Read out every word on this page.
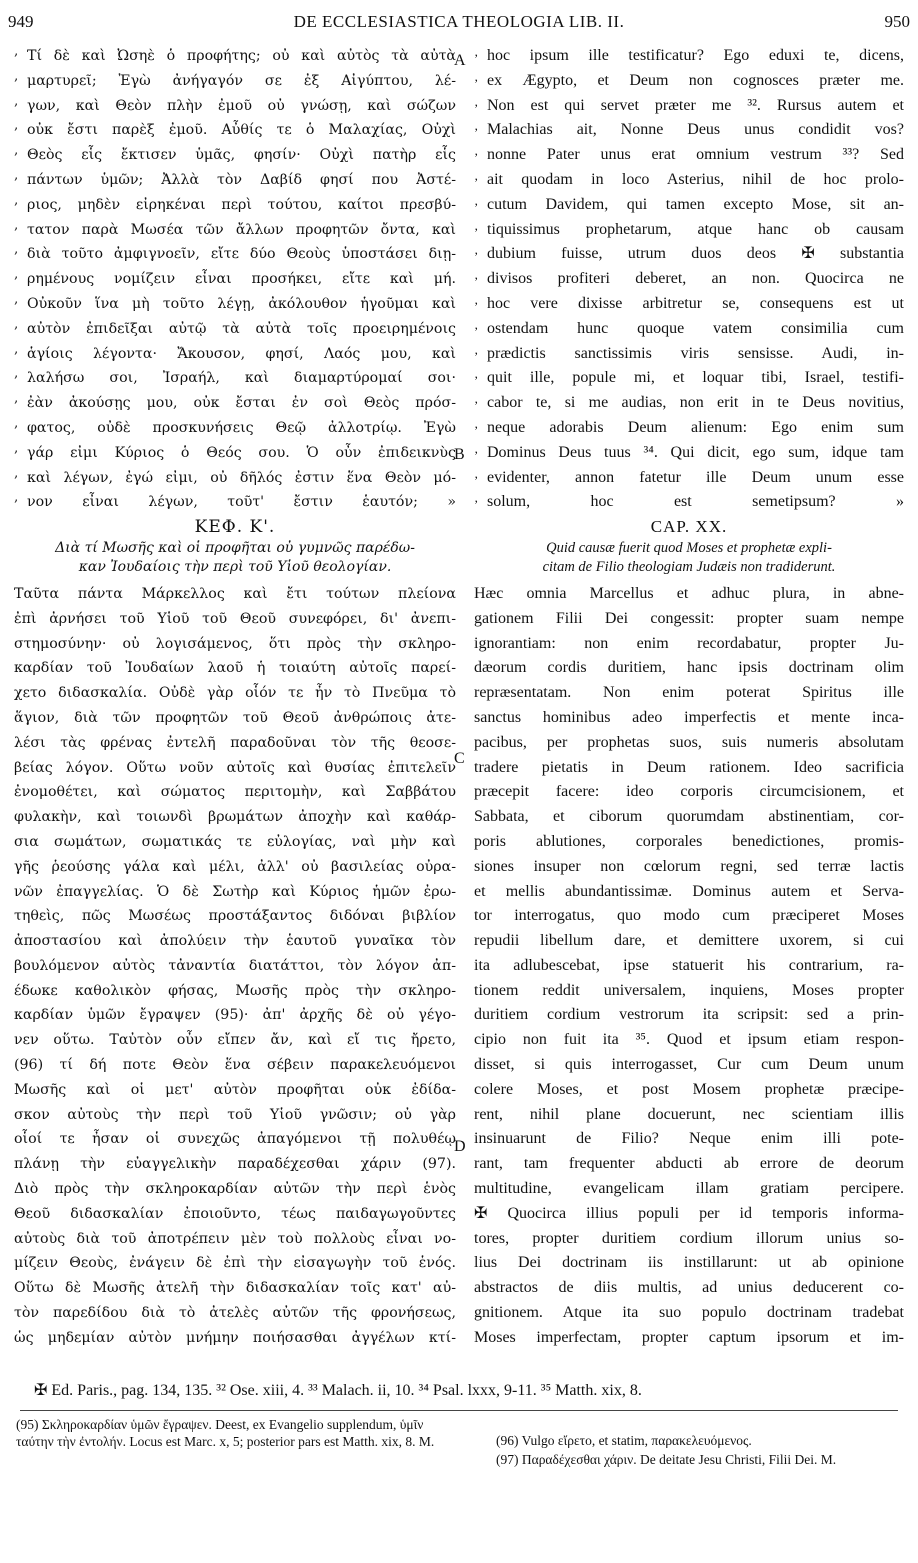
949	DE ECCLESIASTICA THEOLOGIA LIB. II.	950
‚ Τί δὲ καὶ Ὠσηὲ ὁ προφήτης; οὐ καὶ αὐτὸς τὰ αὐτὰ
‚ μαρτυρεῖ; Ἐγὼ ἀνήγαγόν σε ἐξ Αἰγύπτου, λέ-
‚ γων, καὶ Θεὸν πλὴν ἐμοῦ οὐ γνώσῃ, καὶ σώζων
‚ οὐκ ἔστι παρὲξ ἐμοῦ. Αὖθίς τε ὁ Μαλαχίας, Οὐχὶ
‚ Θεὸς εἷς ἔκτισεν ὑμᾶς, φησίν· Οὐχὶ πατὴρ εἷς
‚ πάντων ὑμῶν; Ἀλλὰ τὸν Δαβίδ φησί που Ἀστέ-
‚ ριος, μηδὲν εἰρηκέναι περὶ τούτου, καίτοι πρεσβύ-
‚ τατον παρὰ Μωσέα τῶν ἄλλων προφητῶν ὄντα, καὶ
‚ διὰ τοῦτο ἀμφιγνοεῖν, εἴτε δύο Θεοὺς ὑποστάσει διῃ-
‚ ρημένους νομίζειν εἶναι προσήκει, εἴτε καὶ μή.
‚ Οὐκοῦν ἵνα μὴ τοῦτο λέγῃ, ἀκόλουθον ἡγοῦμαι καὶ
‚ αὐτὸν ἐπιδεῖξαι αὐτῷ τὰ αὐτὰ τοῖς προειρημένοις
‚ ἁγίοις λέγοντα· Ἄκουσον, φησί, Λαός μου, καὶ
‚ λαλήσω σοι, Ἰσραήλ, καὶ διαμαρτύρομαί σοι·
‚ ἐὰν ἀκούσῃς μου, οὐκ ἔσται ἐν σοὶ Θεὸς πρόσ-
‚ φατος, οὐδὲ προσκυνήσεις Θεῷ ἀλλοτρίῳ. Ἐγὼ
‚ γάρ εἰμι Κύριος ὁ Θεός σου. Ὁ οὖν ἐπιδεικνὺς
‚ καὶ λέγων, ἐγώ εἰμι, οὐ δῆλός ἐστιν ἕνα Θεὸν μό-
‚ νον εἶναι λέγων, τοῦτ' ἔστιν ἑαυτόν; »
ΚΕΦ. Κ'.
Διὰ τί Μωσῆς καὶ οἱ προφῆται οὐ γυμνῶς παρέδω-
καν Ἰουδαίοις τὴν περὶ τοῦ Υἱοῦ θεολογίαν.
Ταῦτα πάντα Μάρκελλος καὶ ἔτι τούτων πλείονα
ἐπὶ ἀρνήσει τοῦ Υἱοῦ τοῦ Θεοῦ συνεφόρει, δι' ἀνεπι-
στημοσύνην· οὐ λογισάμενος, ὅτι πρὸς τὴν σκληρο-
καρδίαν τοῦ Ἰουδαίων λαοῦ ἡ τοιαύτη αὐτοῖς παρεί-
χετο διδασκαλία. Οὐδὲ γὰρ οἷόν τε ἦν τὸ Πνεῦμα τὸ
ἅγιον, διὰ τῶν προφητῶν τοῦ Θεοῦ ἀνθρώποις ἀτε-
λέσι τὰς φρένας ἐντελῆ παραδοῦναι τὸν τῆς θεοσε-
βείας λόγον. Οὕτω νοῦν αὐτοῖς καὶ θυσίας ἐπιτελεῖν
ἐνομοθέτει, καὶ σώματος περιτομὴν, καὶ Σαββάτου
φυλακὴν, καὶ τοιωνδὶ βρωμάτων ἀποχὴν καὶ καθάρ-
σια σωμάτων, σωματικάς τε εὐλογίας, ναὶ μὴν καὶ
γῆς ῥεούσης γάλα καὶ μέλι, ἀλλ' οὐ βασιλείας οὐρα-
νῶν ἐπαγγελίας. Ὁ δὲ Σωτὴρ καὶ Κύριος ἡμῶν ἐρω-
τηθεὶς, πῶς Μωσέως προστάξαντος διδόναι βιβλίον
ἀποστασίου καὶ ἀπολύειν τὴν ἑαυτοῦ γυναῖκα τὸν
βουλόμενον αὐτὸς τἀναντία διατάττοι, τὸν λόγον ἀπ-
έδωκε καθολικὸν φήσας, Μωσῆς πρὸς τὴν σκληρο-
καρδίαν ὑμῶν ἔγραψεν (95)· ἀπ' ἀρχῆς δὲ οὐ γέγο-
νεν οὕτω. Ταὐτὸν οὖν εἴπεν ἄν, καὶ εἴ τις ἤρετο,
(96) τί δή ποτε Θεὸν ἕνα σέβειν παρακελευόμενοι
Μωσῆς καὶ οἱ μετ' αὐτὸν προφῆται οὐκ ἐδίδα-
σκον αὐτοὺς τὴν περὶ τοῦ Υἱοῦ γνῶσιν; οὐ γὰρ
οἷοί τε ἦσαν οἱ συνεχῶς ἀπαγόμενοι τῇ πολυθέῳ
πλάνῃ τὴν εὐαγγελικὴν παραδέχεσθαι χάριν (97).
Διὸ πρὸς τὴν σκληροκαρδίαν αὐτῶν τὴν περὶ ἑνὸς
Θεοῦ διδασκαλίαν ἐποιοῦντο, τέως παιδαγωγοῦντες
αὐτοὺς διὰ τοῦ ἀποτρέπειν μὲν τοὺ πολλοὺς εἶναι νο-
μίζειν Θεοὺς, ἐνάγειν δὲ ἐπὶ τὴν εἰσαγωγὴν τοῦ ἑνός.
Οὕτω δὲ Μωσῆς ἀτελῆ τὴν διδασκαλίαν τοῖς κατ' αὐ-
τὸν παρεδίδου διὰ τὸ ἀτελὲς αὐτῶν τῆς φρονήσεως,
ὡς μηδεμίαν αὐτὸν μνήμην ποιήσασθαι ἀγγέλων κτί-
‚ hoc ipsum ille testificatur? Ego eduxi te, dicens,
‚ ex Ægypto, et Deum non cognosces præter me.
‚ Non est qui servet præter me ³². Rursus autem et
‚ Malachias ait, Nonne Deus unus condidit vos?
‚ nonne Pater unus erat omnium vestrum ³³? Sed
‚ ait quodam in loco Asterius, nihil de hoc prolo-
‚ cutum Davidem, qui tamen excepto Mose, sit an-
‚ tiquissimus prophetarum, atque hanc ob causam
‚ dubium fuisse, utrum duos deos ✠ substantia
‚ divisos profiteri deberet, an non. Quocirca ne
‚ hoc vere dixisse arbitretur se, consequens est ut
‚ ostendam hunc quoque vatem consimilia cum
‚ prædictis sanctissimis viris sensisse. Audi, in-
‚ quit ille, popule mi, et loquar tibi, Israel, testifi-
‚ cabor te, si me audias, non erit in te Deus novitius,
‚ neque adorabis Deum alienum: Ego enim sum
‚ Dominus Deus tuus ³⁴. Qui dicit, ego sum, idque tam
‚ evidenter, annon fatetur ille Deum unum esse
‚ solum, hoc est semetipsum? »
CAP. XX.
Quid causæ fuerit quod Moses et prophetæ expli-
citam de Filio theologiam Judæis non tradiderunt.
Hæc omnia Marcellus et adhuc plura, in abne-
gationem Filii Dei congessit: propter suam nempe
ignorantiam: non enim recordabatur, propter Ju-
dæorum cordis duritiem, hanc ipsis doctrinam olim
repræsentatam. Non enim poterat Spiritus ille
sanctus hominibus adeo imperfectis et mente inca-
pacibus, per prophetas suos, suis numeris absolutam
tradere pietatis in Deum rationem. Ideo sacrificia
præcepit facere: ideo corporis circumcisionem, et
Sabbata, et ciborum quorumdam abstinentiam, cor-
poris ablutiones, corporales benedictiones, promis-
siones insuper non cœlorum regni, sed terræ lactis
et mellis abundantissimæ. Dominus autem et Serva-
tor interrogatus, quo modo cum præciperet Moses
repudii libellum dare, et demittere uxorem, si cui
ita adlubescebat, ipse statuerit his contrarium, ra-
tionem reddit universalem, inquiens, Moses propter
duritiem cordium vestrorum ita scripsit: sed a prin-
cipio non fuit ita ³⁵. Quod et ipsum etiam respon-
disset, si quis interrogasset, Cur cum Deum unum
colere Moses, et post Mosem prophetæ præcipe-
rent, nihil plane docuerunt, nec scientiam illis
insinuarunt de Filio? Neque enim illi pote-
rant, tam frequenter abducti ab errore de deorum
multitudine, evangelicam illam gratiam percipere.
✠ Quocirca illius populi per id temporis informa-
tores, propter duritiem cordium illorum unius so-
lius Dei doctrinam iis instillarunt: ut ab opinione
abstractos de diis multis, ad unius deducerent co-
gnitionem. Atque ita suo populo doctrinam tradebat
Moses imperfectam, propter captum ipsorum et im-
A
B
C
D
✠ Ed. Paris., pag. 134, 135. ³² Ose. xiii, 4. ³³ Malach. ii, 10. ³⁴ Psal. lxxx, 9-11. ³⁵ Matth. xix, 8.

(95) Σκληροκαρδίαν ὑμῶν ἔγραψεν. Deest, ex Evangelio supplendum, ὑμῖν ταύτην τὴν ἐντολήν. Locus est Marc. x, 5; posterior pars est Matth. xix, 8. M.	(96) Vulgo εἴρετο, et statim, παρακελευόμενος.

(97) Παραδέχεσθαι χάριν. De deitate Jesu Christi, Filii Dei. M.
